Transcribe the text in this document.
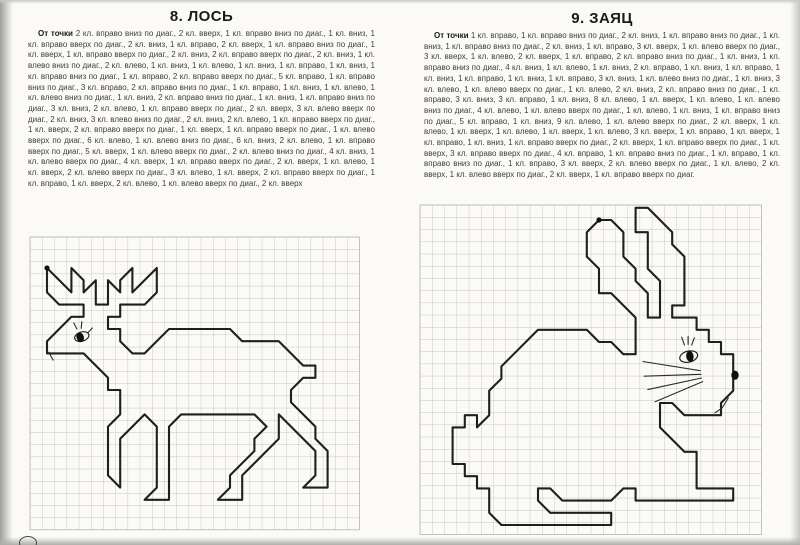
8. ЛОСЬ

От точки 2 кл. вправо вниз по диаг., 2 кл. вверх, 1 кл. вправо вниз по диаг., 1 кл. вниз, 1 кл. вправо вверх по диаг., 2 кл. вниз, 1 кл. вправо, 2 кл. вверх, 1 кл. вправо вниз по диаг., 1 кл. вверх, 1 кл. вправо вверх по диаг., 2 кл. вниз, 2 кл. вправо вверх по диаг., 2 кл. вниз, 1 кл. влево вниз по диаг., 2 кл. влево, 1 кл. вниз, 1 кл. влево, 1 кл. вниз, 1 кл. вправо, 1 кл. вниз, 1 кл. вправо вниз по диаг., 1 кл. вправо, 2 кл. вправо вверх по диаг., 5 кл. вправо, 1 кл. вправо вниз по диаг., 3 кл. вправо, 2 кл. вправо вниз по диаг., 1 кл. вправо, 1 кл. вниз, 1 кл. влево, 1 кл. влево вниз по диаг., 1 кл. вниз, 2 кл. вправо вниз по диаг., 1 кл. вниз, 1 кл. вправо вниз по диаг., 3 кл. вниз, 2 кл. влево, 1 кл. вправо вверх по диаг., 2 кл. вверх, 3 кл. влево вверх по диаг., 2 кл. вниз, 3 кл. влево вниз по диаг., 2 кл. вниз, 2 кл. влево, 1 кл. вправо вверх по диаг., 1 кл. вверх, 2 кл. вправо вверх по диаг., 1 кл. вверх, 1 кл. вправо вверх по диаг., 1 кл. влево вверх по диаг., 6 кл. влево, 1 кл. влево вниз по диаг., 6 кл. вниз, 2 кл. влево, 1 кл. вправо вверх по диаг., 5 кл. вверх, 1 кл. влево вверх по диаг., 2 кл. влево вниз по диаг., 4 кл. вниз, 1 кл. влево вверх по диаг., 4 кл. вверх, 1 кл. вправо вверх по диаг., 2 кл. вверх, 1 кл. влево, 1 кл. вверх, 2 кл. влево вверх по диаг., 3 кл. влево, 1 кл. вверх, 2 кл. вправо вверх по диаг., 1 кл. вправо, 1 кл. вверх, 2 кл. влево, 1 кл. влево вверх по диаг., 2 кл. вверх

9. ЗАЯЦ

От точки 1 кл. вправо, 1 кл. вправо вниз по диаг., 2 кл. вниз, 1 кл. вправо вниз по диаг., 1 кл. вниз, 1 кл. вправо вниз по диаг., 2 кл. вниз, 1 кл. вправо, 3 кл. вверх, 1 кл. влево вверх по диаг., 3 кл. вверх, 1 кл. влево, 2 кл. вверх, 1 кл. вправо, 2 кл. вправо вниз по диаг., 1 кл. вниз, 1 кл. вправо вниз по диаг., 4 кл. вниз, 1 кл. влево, 1 кл. вниз, 2 кл. вправо, 1 кл. вниз, 1 кл. вправо, 1 кл. вниз, 1 кл. вправо, 1 кл. вниз, 1 кл. вправо, 3 кл. вниз, 1 кл. влево вниз по диаг., 1 кл. вниз, 3 кл. влево, 1 кл. влево вверх по диаг., 1 кл. влево, 2 кл. вниз, 2 кл. вправо вниз по диаг., 1 кл. вправо, 3 кл. вниз, 3 кл. вправо, 1 кл. вниз, 8 кл. влево, 1 кл. вверх, 1 кл. влево, 1 кл. влево вниз по диаг., 4 кл. влево, 1 кл. влево вверх по диаг., 1 кл. влево, 1 кл. вниз, 1 кл. вправо вниз по диаг., 5 кл. вправо, 1 кл. вниз, 9 кл. влево, 1 кл. влево вверх по диаг., 2 кл. вверх, 1 кл. влево, 1 кл. вверх, 1 кл. влево, 1 кл. вверх, 1 кл. влево, 3 кл. вверх, 1 кл. вправо, 1 кл. вверх, 1 кл. вправо, 1 кл. вниз, 1 кл. вправо вверх по диаг., 2 кл. вверх, 1 кл. вправо вверх по диаг., 1 кл. вверх, 3 кл. вправо вверх по диаг., 4 кл. вправо, 1 кл. вправо вниз по диаг., 1 кл. вправо, 1 кл. вправо вниз по диаг., 1 кл. вправо, 3 кл. вверх, 2 кл. влево вверх по диаг., 1 кл. влево, 2 кл. вверх, 1 кл. влево вверх по диаг., 2 кл. вверх, 1 кл. вправо вверх по диаг.
